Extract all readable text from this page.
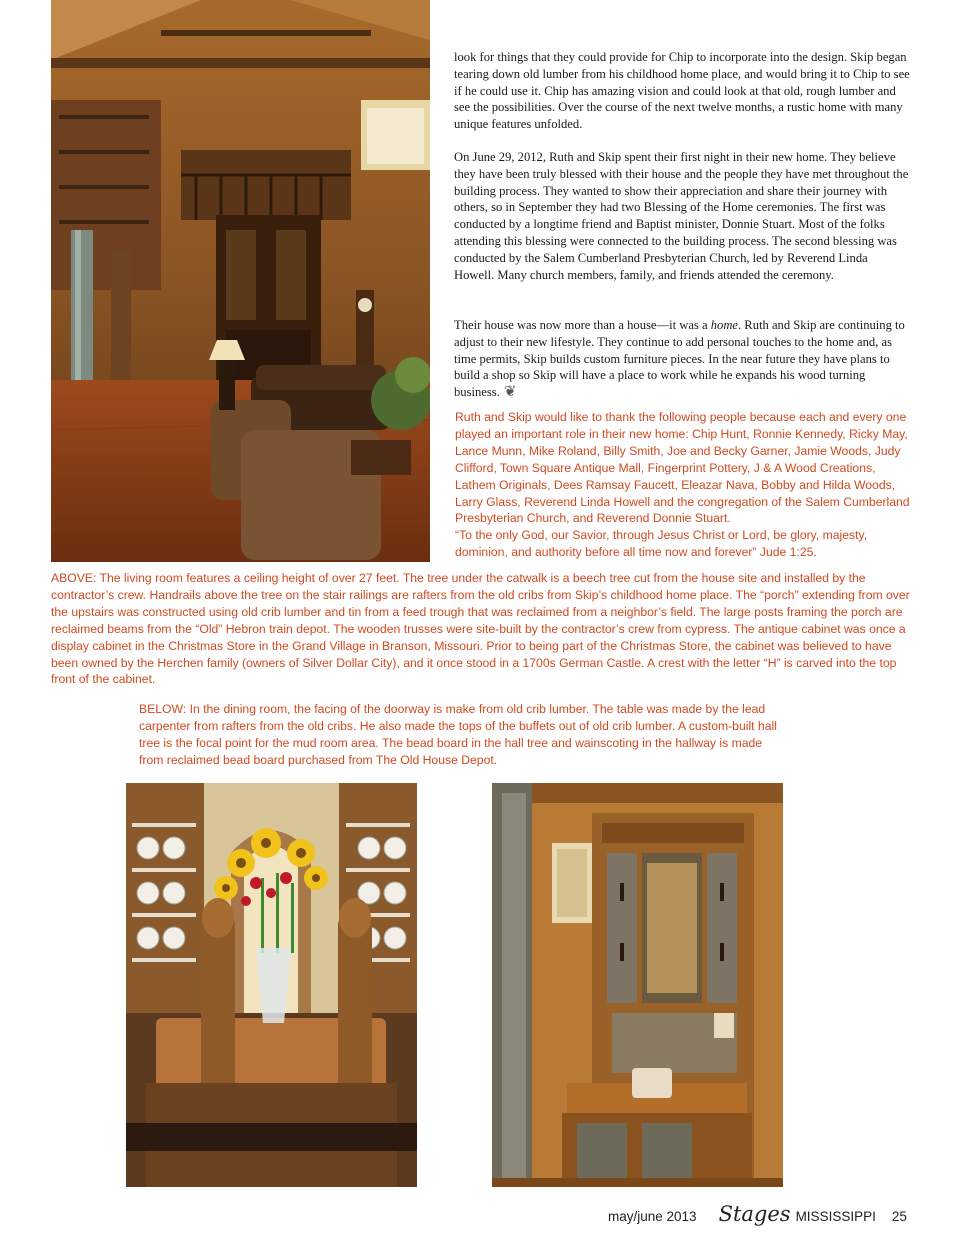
look for things that they could provide for Chip to incorporate into the design. Skip began tearing down old lumber from his childhood home place, and would bring it to Chip to see if he could use it. Chip has amazing vision and could look at that old, rough lumber and see the possibilities. Over the course of the next twelve months, a rustic home with many unique features unfolded.

On June 29, 2012, Ruth and Skip spent their first night in their new home. They believe they have been truly blessed with their house and the people they have met throughout the building process. They wanted to show their appreciation and share their journey with others, so in September they had two Blessing of the Home ceremonies. The first was conducted by a longtime friend and Baptist minister, Donnie Stuart. Most of the folks attending this blessing were connected to the building process. The second blessing was conducted by the Salem Cumberland Presbyterian Church, led by Reverend Linda Howell. Many church members, family, and friends attended the ceremony.

Their house was now more than a house—it was a home. Ruth and Skip are continuing to adjust to their new lifestyle. They continue to add personal touches to the home and, as time permits, Skip builds custom furniture pieces. In the near future they have plans to build a shop so Skip will have a place to work while he expands his wood turning business. ❦

Ruth and Skip would like to thank the following people because each and every one played an important role in their new home: Chip Hunt, Ronnie Kennedy, Ricky May, Lance Munn, Mike Roland, Billy Smith, Joe and Becky Garner, Jamie Woods, Judy Clifford, Town Square Antique Mall, Fingerprint Pottery, J & A Wood Creations, Lathem Originals, Dees Ramsay Faucett, Eleazar Nava, Bobby and Hilda Woods, Larry Glass, Reverend Linda Howell and the congregation of the Salem Cumberland Presbyterian Church, and Reverend Donnie Stuart.

“To the only God, our Savior, through Jesus Christ or Lord, be glory, majesty, dominion, and authority before all time now and forever” Jude 1:25.

ABOVE: The living room features a ceiling height of over 27 feet. The tree under the catwalk is a beech tree cut from the house site and installed by the contractor’s crew. Handrails above the tree on the stair railings are rafters from the old cribs from Skip’s childhood home place. The “porch” extending from over the upstairs was constructed using old crib lumber and tin from a feed trough that was reclaimed from a neighbor’s field. The large posts framing the porch are reclaimed beams from the “Old” Hebron train depot. The wooden trusses were site-built by the contractor’s crew from cypress. The antique cabinet was once a display cabinet in the Christmas Store in the Grand Village in Branson, Missouri. Prior to being part of the Christmas Store, the cabinet was believed to have been owned by the Herchen family (owners of Silver Dollar City), and it once stood in a 1700s German Castle. A crest with the letter “H” is carved into the top front of the cabinet.

BELOW: In the dining room, the facing of the doorway is make from old crib lumber. The table was made by the lead carpenter from rafters from the old cribs. He also made the tops of the buffets out of old crib lumber. A custom-built hall tree is the focal point for the mud room area. The bead board in the hall tree and wainscoting in the hallway is made from reclaimed bead board purchased from The Old House Depot.

may/june 2013 Stages MISSISSIPPI 25
